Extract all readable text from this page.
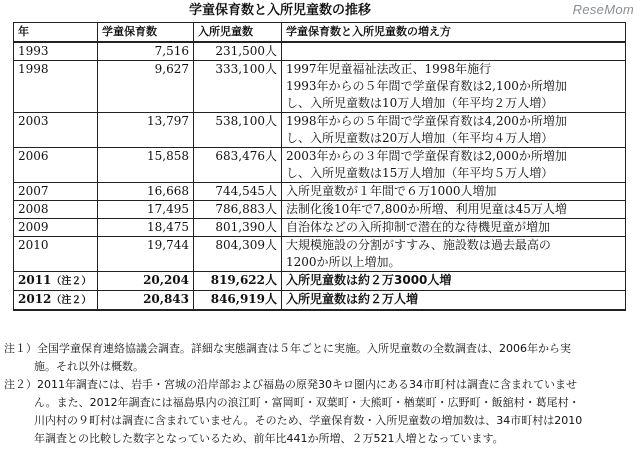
学童保育数と入所児童数の推移	ReseMom
年	学童保育数	入所児童数	学童保育数と入所児童数の増え方
1993	7,516	231,500人	
1998	9,627	333,100人	1997年児童福祉法改正、1998年施行
1993年からの５年間で学童保育数は2,100か所増加
し、入所児童数は10万人増加（年平均２万人増）

2003	13,797	538,100人	1998年からの５年間で学童保育数は4,200か所増加
し、入所児童数は20万人増加（年平均４万人増）

2006	15,858	683,476人	2003年からの３年間で学童保育数は2,000か所増加
し、入所児童数は15万人増加（年平均５万人増）

2007	16,668	744,545人	入所児童数が１年間で６万1000人増加

2008	17,495	786,883人	法制化後10年で7,800か所増、利用児童は45万人増

2009	18,475	801,390人	自治体などの入所抑制で潜在的な待機児童が増加

2010	19,744	804,309人	大規模施設の分割がすすみ、施設数は過去最高の
1200か所以上増加。

2011（注２）	20,204	819,622人	入所児童数は約２万3000人増

2012（注２）	20,843	846,919人	入所児童数は約２万人増
注１）全国学童保育連絡協議会調査。詳細な実態調査は５年ごとに実施。入所児童数の全数調査は、2006年から実
施。それ以外は概数。
注２）2011年調査には、岩手・宮城の沿岸部および福島の原発30キロ圏内にある34市町村は調査に含まれていませ
ん。また、2012年調査には福島県内の浪江町・富岡町・双葉町・大熊町・楢葉町・広野町・飯舘村・葛尾村・
川内村の９町村は調査に含まれていません。そのため、学童保育数・入所児童数の増加数は、34市町村は2010
年調査との比較した数字となっているため、前年比441か所増、２万521人増となっています。
